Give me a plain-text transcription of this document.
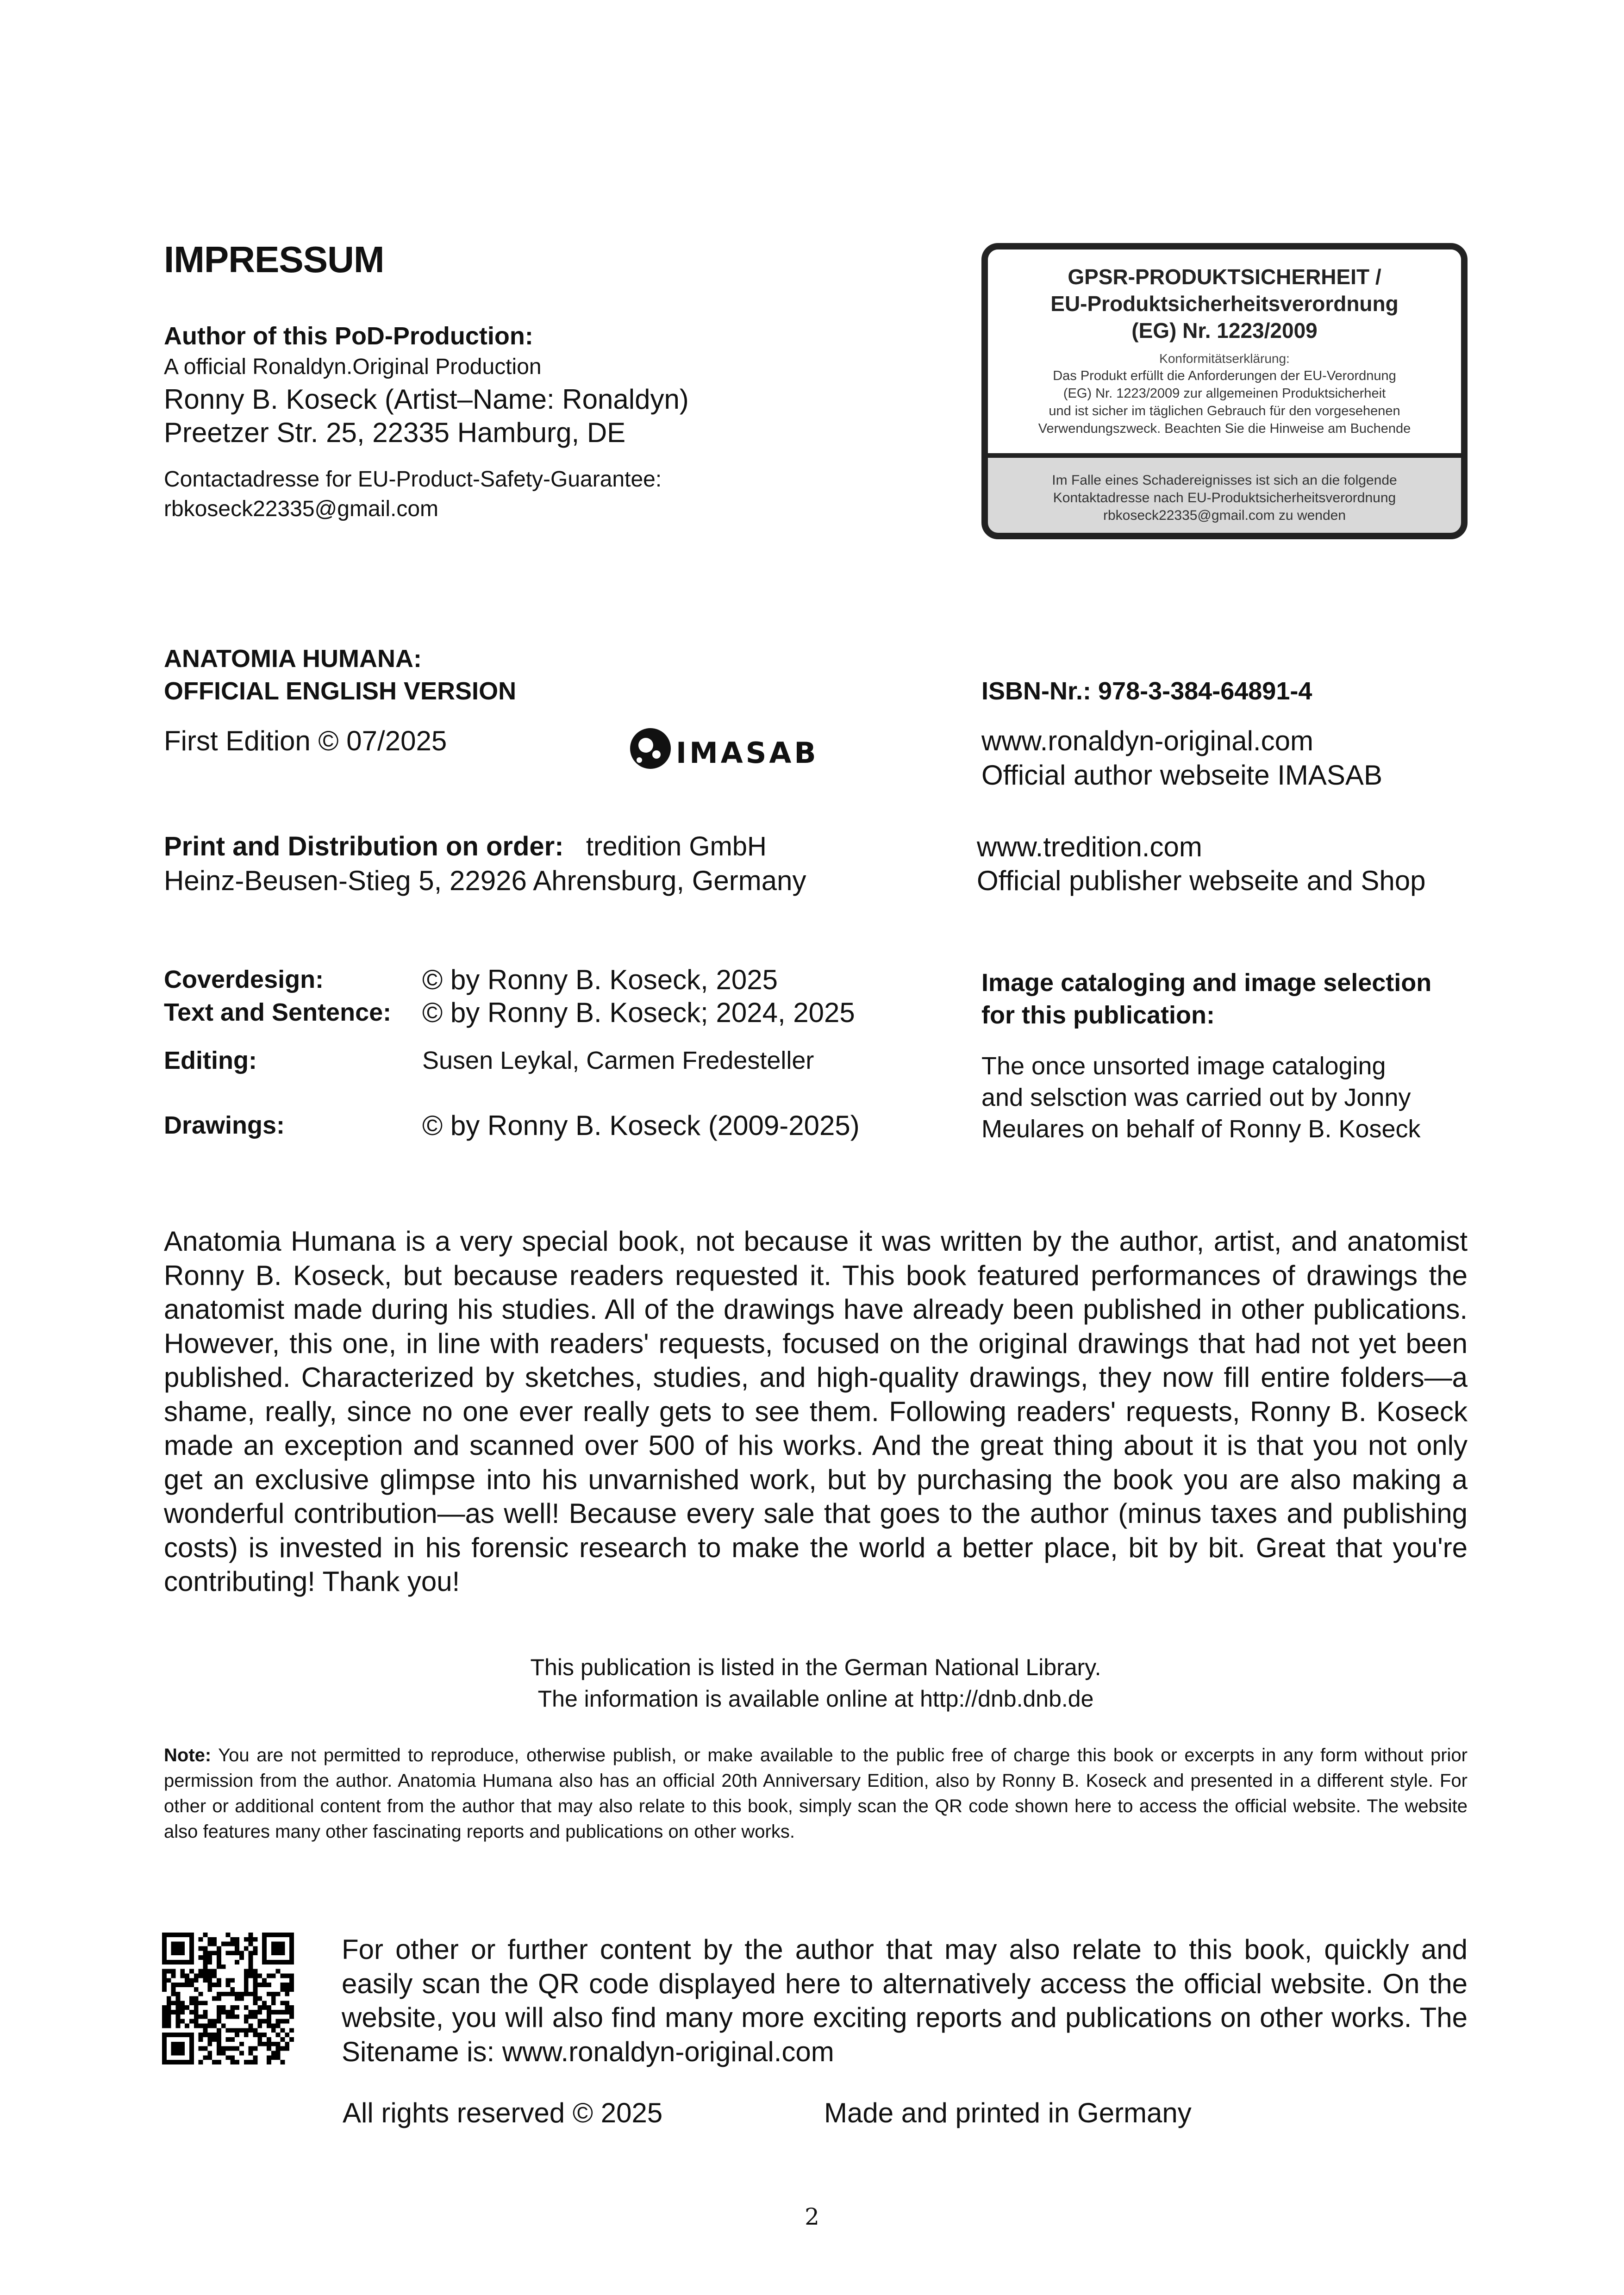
IMPRESSUM
Author of this PoD-Production:
A official Ronaldyn.Original Production
Ronny B. Koseck (Artist–Name: Ronaldyn)
Preetzer Str. 25, 22335 Hamburg, DE
Contactadresse for EU-Product-Safety-Guarantee:
rbkoseck22335@gmail.com
GPSR-PRODUKTSICHERHEIT /
EU-Produktsicherheitsverordnung
(EG) Nr. 1223/2009
Konformitätserklärung:
Das Produkt erfüllt die Anforderungen der EU-Verordnung
(EG) Nr. 1223/2009 zur allgemeinen Produktsicherheit
und ist sicher im täglichen Gebrauch für den vorgesehenen
Verwendungszweck. Beachten Sie die Hinweise am Buchende
Im Falle eines Schadereignisses ist sich an die folgende
Kontaktadresse nach EU-Produktsicherheitsverordnung
rbkoseck22335@gmail.com zu wenden
ANATOMIA HUMANA:
OFFICIAL ENGLISH VERSION
First Edition © 07/2025	IMASAB
ISBN-Nr.: 978-3-384-64891-4
www.ronaldyn-original.com
Official author webseite IMASAB
Print and Distribution on order: tredition GmbH
Heinz-Beusen-Stieg 5, 22926 Ahrensburg, Germany
www.tredition.com
Official publisher webseite and Shop
Coverdesign:	© by Ronny B. Koseck, 2025
Text and Sentence: © by Ronny B. Koseck; 2024, 2025
Editing:	Susen Leykal, Carmen Fredesteller
Drawings:	© by Ronny B. Koseck (2009-2025)
Image cataloging and image selection
for this publication:
The once unsorted image cataloging
and selsction was carried out by Jonny
Meulares on behalf of Ronny B. Koseck
Anatomia Humana is a very special book, not because it was written by the author, artist, and anatomist Ronny B. Koseck, but because readers requested it. This book featured performances of drawings the anatomist made during his studies. All of the drawings have already been published in other publications. However, this one, in line with readers' requests, focused on the original drawings that had not yet been published. Characterized by sketches, studies, and high-quality drawings, they now fill entire folders—a shame, really, since no one ever really gets to see them. Following readers' requests, Ronny B. Koseck made an exception and scanned over 500 of his works. And the great thing about it is that you not only get an exclusive glimpse into his unvarnished work, but by purchasing the book you are also making a wonderful contribution—as well! Because every sale that goes to the author (minus taxes and publishing costs) is invested in his forensic research to make the world a better place, bit by bit. Great that you're contributing! Thank you!
This publication is listed in the German National Library.
The information is available online at http://dnb.dnb.de
Note: You are not permitted to reproduce, otherwise publish, or make available to the public free of charge this book or excerpts in any form without prior permission from the author. Anatomia Humana also has an official 20th Anniversary Edition, also by Ronny B. Koseck and presented in a different style. For other or additional content from the author that may also relate to this book, simply scan the QR code shown here to access the official website. The website also features many other fascinating reports and publications on other works.
For other or further content by the author that may also relate to this book, quickly and easily scan the QR code displayed here to alternatively access the official website. On the website, you will also find many more exciting reports and publications on other works. The Sitename is: www.ronaldyn-original.com
All rights reserved © 2025	Made and printed in Germany
2
